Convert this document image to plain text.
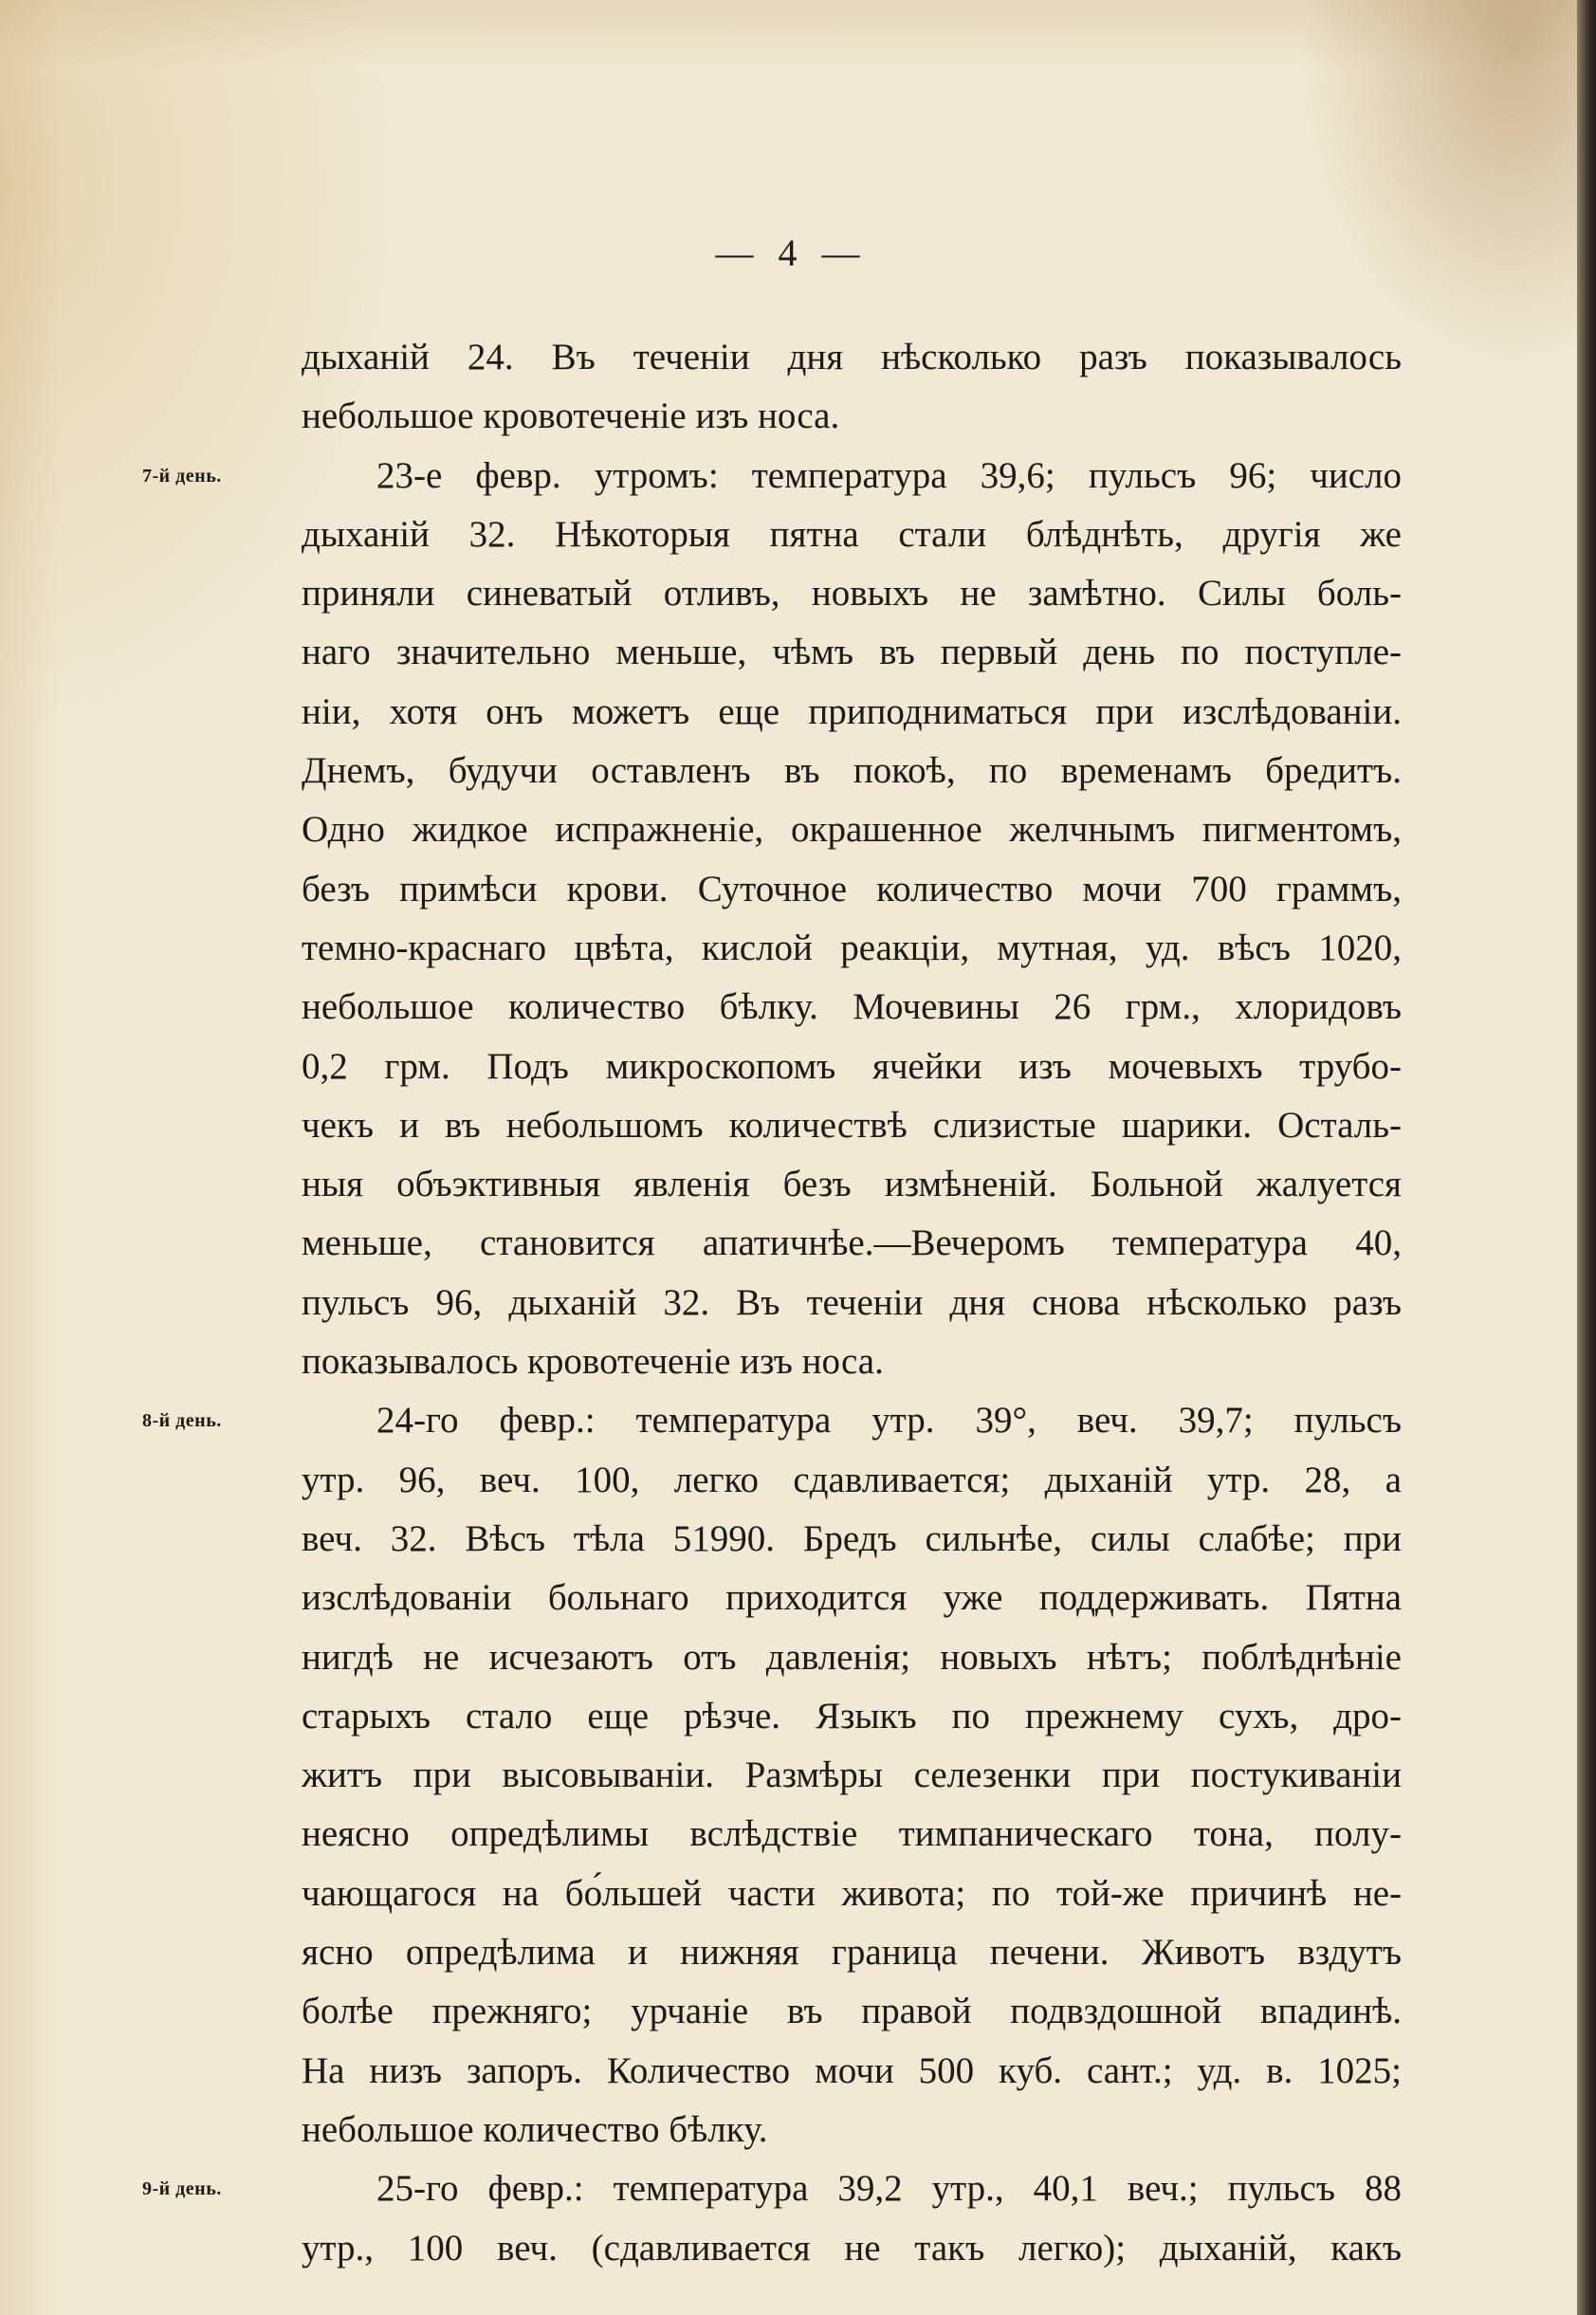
—  4  —
дыханій 24. Въ теченіи дня нѣсколько разъ показывалось
небольшое кровотеченіе изъ носа.
7-й день.	23-е февр. утромъ: температура 39,6; пульсъ 96; число
дыханій 32. Нѣкоторыя пятна стали блѣднѣть, другія же
приняли синеватый отливъ, новыхъ не замѣтно. Силы боль-
наго значительно меньше, чѣмъ въ первый день по поступле-
ніи, хотя онъ можетъ еще приподниматься при изслѣдованіи.
Днемъ, будучи оставленъ въ покоѣ, по временамъ бредитъ.
Одно жидкое испражненіе, окрашенное желчнымъ пигментомъ,
безъ примѣси крови. Суточное количество мочи 700 граммъ,
темно-краснаго цвѣта, кислой реакціи, мутная, уд. вѣсъ 1020,
небольшое количество бѣлку. Мочевины 26 грм., хлоридовъ
0,2 грм. Подъ микроскопомъ ячейки изъ мочевыхъ трубо-
чекъ и въ небольшомъ количествѣ слизистые шарики. Осталь-
ныя объэктивныя явленія безъ измѣненій. Больной жалуется
меньше, становится апатичнѣе.—Вечеромъ температура 40,
пульсъ 96, дыханій 32. Въ теченіи дня снова нѣсколько разъ
показывалось кровотеченіе изъ носа.
8-й день.	24-го февр.: температура утр. 39°, веч. 39,7; пульсъ
утр. 96, веч. 100, легко сдавливается; дыханій утр. 28, а
веч. 32. Вѣсъ тѣла 51990. Бредъ сильнѣе, силы слабѣе; при
изслѣдованіи больнаго приходится уже поддерживать. Пятна
нигдѣ не исчезаютъ отъ давленія; новыхъ нѣтъ; поблѣднѣніе
старыхъ стало еще рѣзче. Языкъ по прежнему сухъ, дро-
житъ при высовываніи. Размѣры селезенки при постукиваніи
неясно опредѣлимы вслѣдствіе тимпаническаго тона, полу-
чающагося на бо́льшей части живота; по той-же причинѣ не-
ясно опредѣлима и нижняя граница печени. Животъ вздутъ
болѣе прежняго; урчаніе въ правой подвздошной впадинѣ.
На низъ запоръ. Количество мочи 500 куб. сант.; уд. в. 1025;
небольшое количество бѣлку.
9-й день.	25-го февр.: температура 39,2 утр., 40,1 веч.; пульсъ 88
утр., 100 веч. (сдавливается не такъ легко); дыханій, какъ
